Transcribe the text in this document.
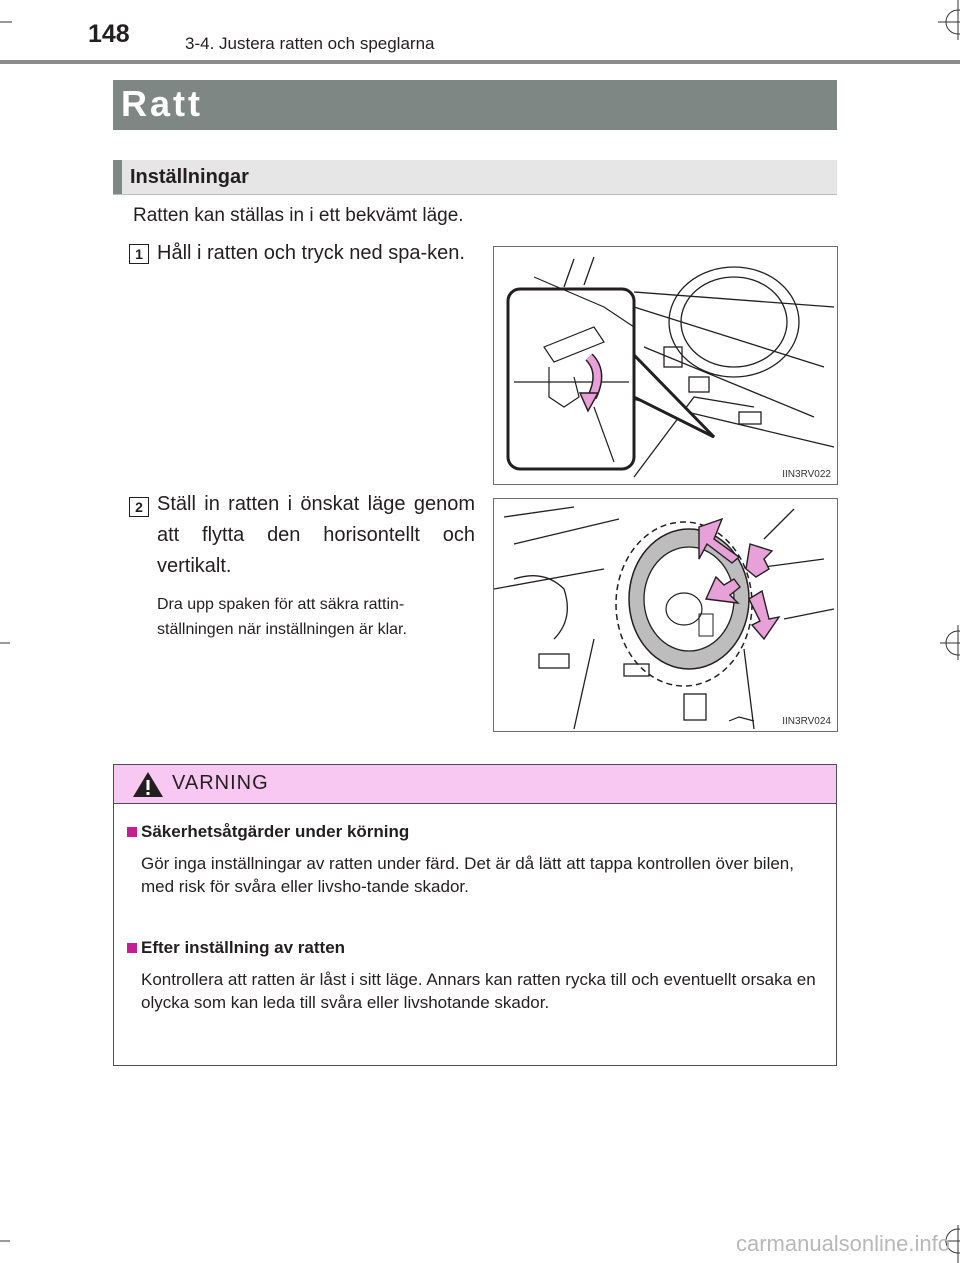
148	3-4. Justera ratten och speglarna
Ratt
Inställningar
Ratten kan ställas in i ett bekvämt läge.
1 Håll i ratten och tryck ned spa-ken.
IIN3RV022
2 Ställ in ratten i önskat läge genom att flytta den horisontellt och vertikalt.
Dra upp spaken för att säkra rattin-ställningen när inställningen är klar.
IIN3RV024
VARNING
Säkerhetsåtgärder under körning
Gör inga inställningar av ratten under färd. Det är då lätt att tappa kontrollen över bilen, med risk för svåra eller livsho-tande skador.
Efter inställning av ratten
Kontrollera att ratten är låst i sitt läge. Annars kan ratten rycka till och eventuellt orsaka en olycka som kan leda till svåra eller livshotande skador.
carmanualsonline.info
